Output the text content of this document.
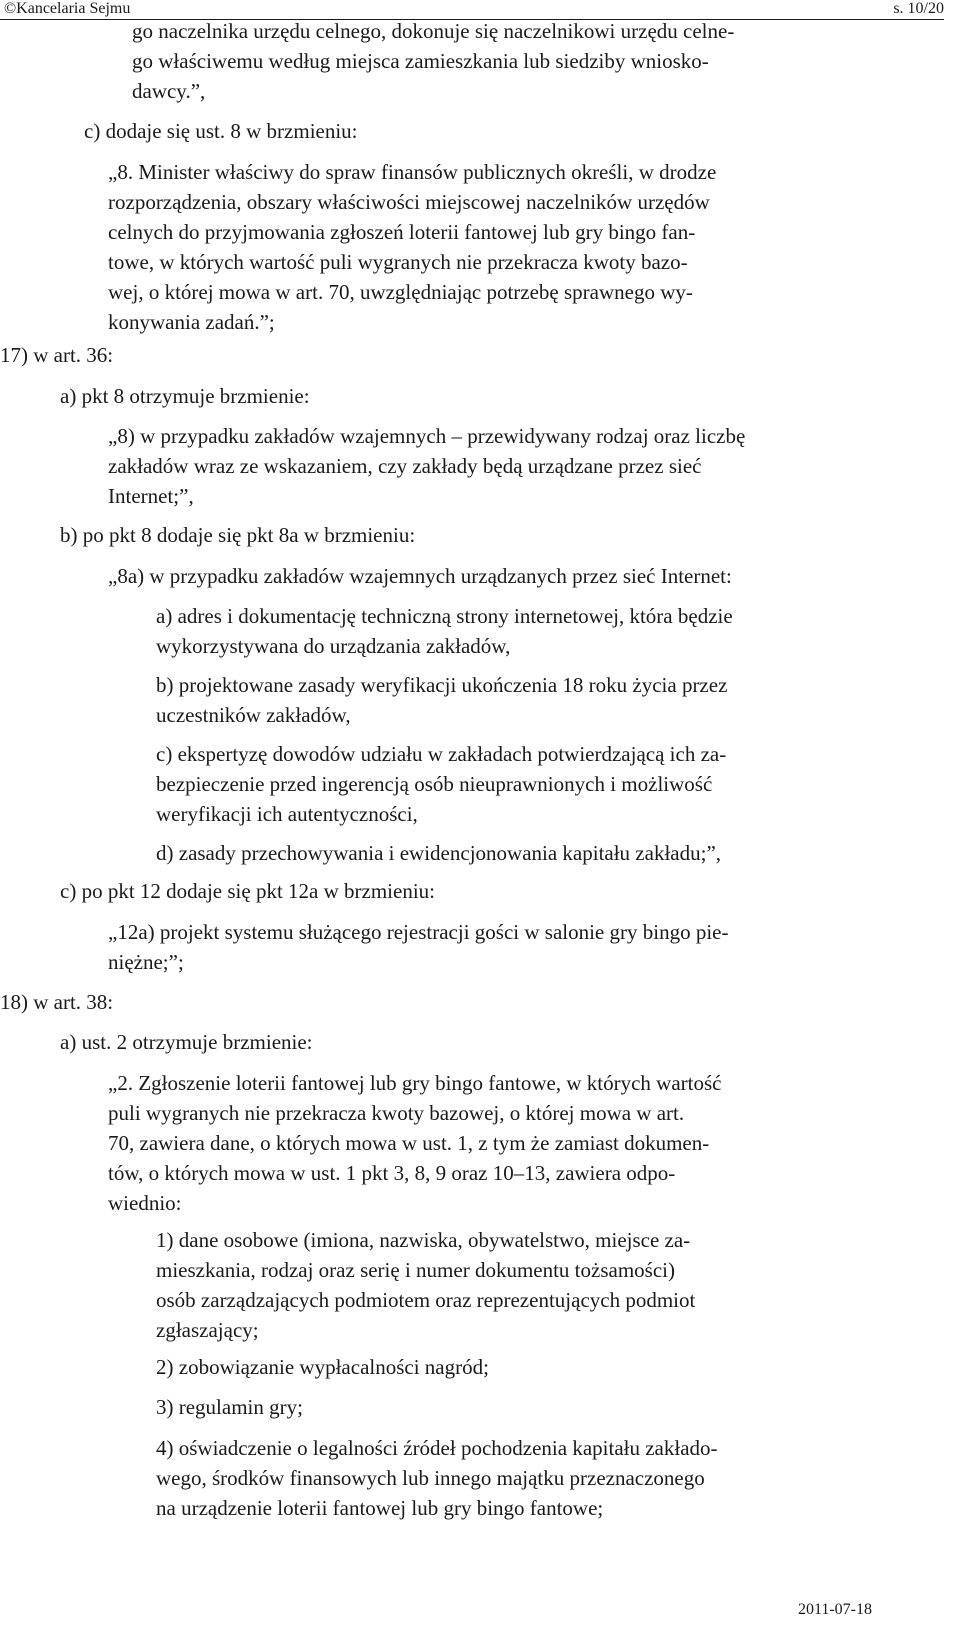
©Kancelaria Sejmu	s. 10/20
go naczelnika urzędu celnego, dokonuje się naczelnikowi urzędu celne-
go właściwemu według miejsca zamieszkania lub siedziby wniosko-
dawcy.”,
c) dodaje się ust. 8 w brzmieniu:
„8. Minister właściwy do spraw finansów publicznych określi, w drodze
rozporządzenia, obszary właściwości miejscowej naczelników urzędów
celnych do przyjmowania zgłoszeń loterii fantowej lub gry bingo fan-
towe, w których wartość puli wygranych nie przekracza kwoty bazo-
wej, o której mowa w art. 70, uwzględniając potrzebę sprawnego wy-
konywania zadań.”;
17) w art. 36:
a) pkt 8 otrzymuje brzmienie:
„8) w przypadku zakładów wzajemnych – przewidywany rodzaj oraz liczbę
zakładów wraz ze wskazaniem, czy zakłady będą urządzane przez sieć
Internet;”,
b) po pkt 8 dodaje się pkt 8a w brzmieniu:
„8a) w przypadku zakładów wzajemnych urządzanych przez sieć Internet:
a) adres i dokumentację techniczną strony internetowej, która będzie
wykorzystywana do urządzania zakładów,
b) projektowane zasady weryfikacji ukończenia 18 roku życia przez
uczestników zakładów,
c) ekspertyzę dowodów udziału w zakładach potwierdzającą ich za-
bezpieczenie przed ingerencją osób nieuprawnionych i możliwość
weryfikacji ich autentyczności,
d) zasady przechowywania i ewidencjonowania kapitału zakładu;”,
c) po pkt 12 dodaje się pkt 12a w brzmieniu:
„12a) projekt systemu służącego rejestracji gości w salonie gry bingo pie-
niężne;”;
18) w art. 38:
a) ust. 2 otrzymuje brzmienie:
„2. Zgłoszenie loterii fantowej lub gry bingo fantowe, w których wartość
puli wygranych nie przekracza kwoty bazowej, o której mowa w art.
70, zawiera dane, o których mowa w ust. 1, z tym że zamiast dokumen-
tów, o których mowa w ust. 1 pkt 3, 8, 9 oraz 10–13, zawiera odpo-
wiednio:
1) dane osobowe (imiona, nazwiska, obywatelstwo, miejsce za-
mieszkania, rodzaj oraz serię i numer dokumentu tożsamości)
osób zarządzających podmiotem oraz reprezentujących podmiot
zgłaszający;
2) zobowiązanie wypłacalności nagród;
3) regulamin gry;
4) oświadczenie o legalności źródeł pochodzenia kapitału zakłado-
wego, środków finansowych lub innego majątku przeznaczonego
na urządzenie loterii fantowej lub gry bingo fantowe;
2011-07-18
